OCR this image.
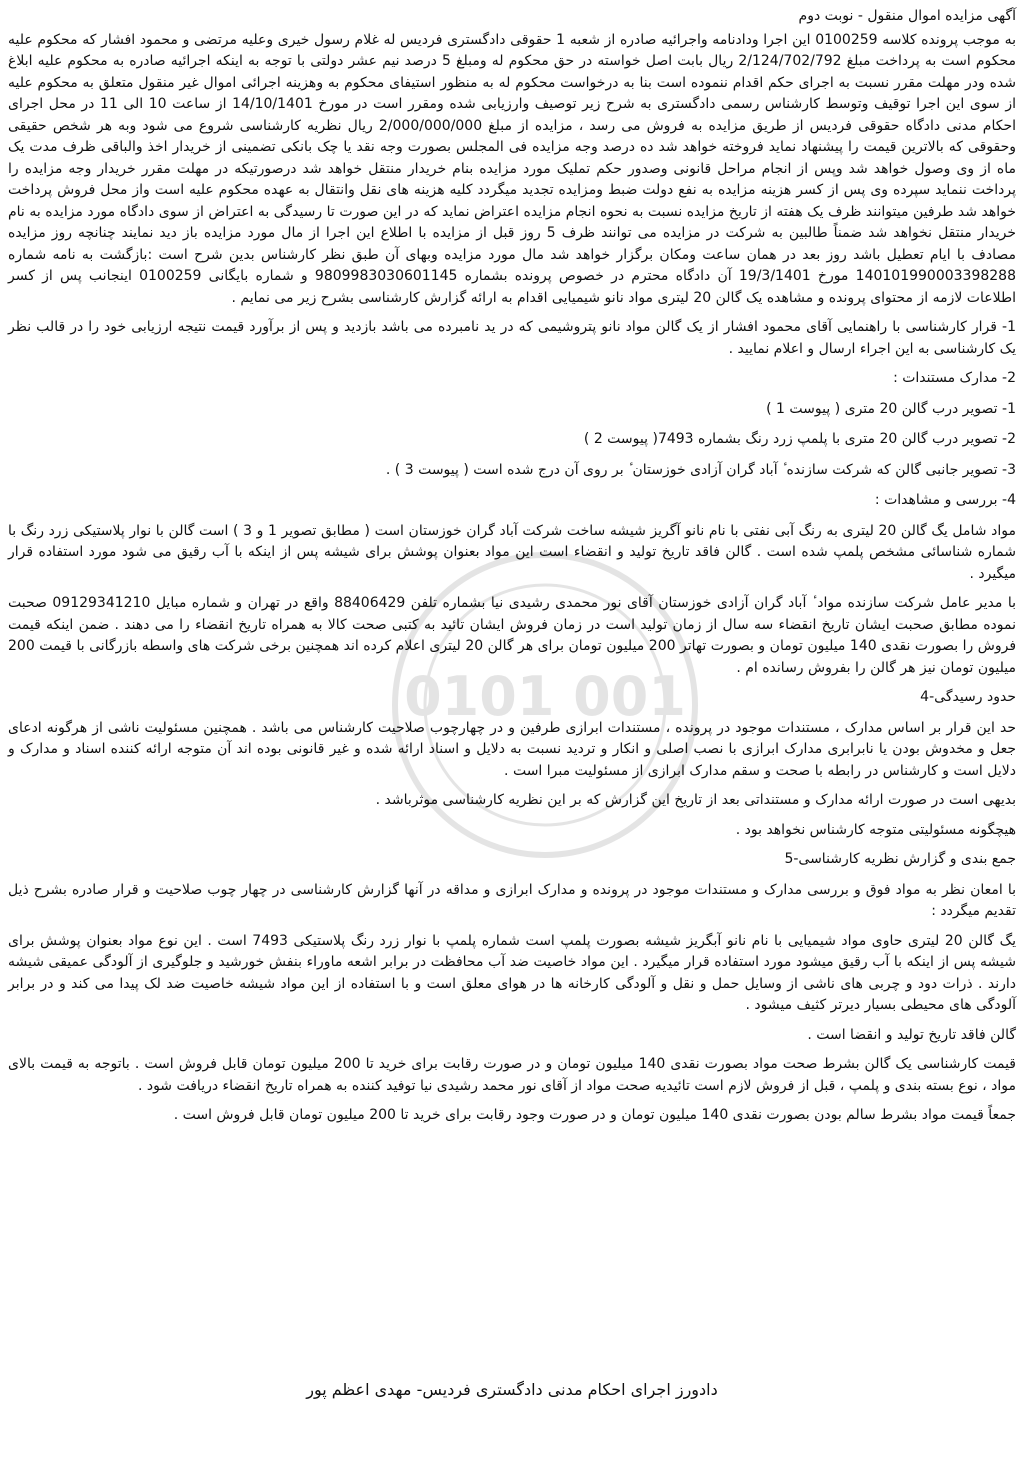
آگهی مزایده اموال منقول - نوبت دوم
به موجب پرونده کلاسه 0100259 این اجرا ودادنامه واجرائیه صادره از شعبه 1 حقوقی دادگستری فردیس له غلام رسول خیری وعلیه مرتضی و محمود افشار که محکوم علیه محکوم است به پرداخت مبلغ 2/124/702/792 ریال بابت اصل خواسته در حق محکوم له ومبلغ 5 درصد نیم عشر دولتی با توجه به اینکه اجرائیه صادره به محکوم علیه ابلاغ شده ودر مهلت مقرر نسبت به اجرای حکم اقدام ننموده است بنا به درخواست محکوم له به منظور استیفای محکوم به وهزینه اجرائی اموال غیر منقول متعلق به محکوم علیه از سوی این اجرا توقیف وتوسط کارشناس رسمی دادگستری به شرح زیر توصیف وارزیابی شده ومقرر است در مورخ 14/10/1401 از ساعت 10 الی 11 در محل اجرای احکام مدنی دادگاه حقوقی فردیس از طریق مزایده به فروش می رسد ، مزایده از مبلغ 2/000/000/000 ریال نظریه کارشناسی شروع می شود وبه هر شخص حقیقی وحقوقی که بالاترین قیمت را پیشنهاد نماید فروخته خواهد شد ده درصد وجه مزایده فی المجلس بصورت وجه نقد یا چک بانکی تضمینی از خریدار اخذ والباقی ظرف مدت یک ماه از وی وصول خواهد شد وپس از انجام مراحل قانونی وصدور حکم تملیک مورد مزایده بنام خریدار منتقل خواهد شد درصورتیکه در مهلت مقرر خریدار وجه مزایده را پرداخت ننماید سپرده وی پس از کسر هزینه مزایده به نفع دولت ضبط ومزایده تجدید میگردد کلیه هزینه های نقل وانتقال به عهده محکوم علیه است واز محل فروش پرداخت خواهد شد طرفین میتوانند ظرف یک هفته از تاریخ مزایده نسبت به نحوه انجام مزایده اعتراض نماید که در این صورت تا رسیدگی به اعتراض از سوی دادگاه مورد مزایده به نام خریدار منتقل نخواهد شد ضمناً طالبین به شرکت در مزایده می توانند ظرف 5 روز قبل از مزایده با اطلاع این اجرا از مال مورد مزایده باز دید نمایند چنانچه روز مزایده مصادف با ایام تعطیل باشد روز بعد در همان ساعت ومکان برگزار خواهد شد مال مورد مزایده وبهای آن طبق نظر کارشناس بدین شرح است :بازگشت به نامه شماره 140101990003398288 مورخ 19/3/1401 آن دادگاه محترم در خصوص پرونده بشماره 9809983030601145 و شماره بایگانی 0100259 اینجانب پس از کسر اطلاعات لازمه از محتوای پرونده و مشاهده یک گالن 20 لیتری مواد نانو شیمیایی اقدام به ارائه گزارش کارشناسی بشرح زیر می نمایم .
1- قرار کارشناسی با راهنمایی آقای محمود افشار از یک گالن مواد نانو پتروشیمی که در ید نامبرده می باشد بازدید و پس از برآورد قیمت نتیجه ارزیابی خود را در قالب نظر یک کارشناسی به این اجراء ارسال و اعلام نمایید .
2- مدارک مستندات :
1- تصویر درب گالن 20 متری ( پیوست 1 )
2- تصویر درب گالن 20 متری با پلمپ زرد رنگ بشماره 7493( پیوست 2 )
3- تصویر جانبی گالن که شرکت سازنده ٔ آباد گران آزادی خوزستان ٔ بر روی آن درج شده است ( پیوست 3 ) .
4- بررسی و مشاهدات :
مواد شامل یگ گالن 20 لیتری به رنگ آبی نفتی با نام نانو آگریز شیشه ساخت شرکت آباد گران خوزستان است ( مطابق تصویر 1 و 3 ) است گالن با نوار پلاستیکی زرد رنگ با شماره شناسائی مشخص پلمپ شده است . گالن فاقد تاریخ تولید و انقضاء است این مواد بعنوان پوشش برای شیشه پس از اینکه با آب رقیق می شود مورد استفاده قرار میگیرد .
با مدیر عامل شرکت سازنده مواد ٔ آباد گران آزادی خوزستان آقای نور محمدی رشیدی نیا بشماره تلفن 88406429 واقع در تهران و شماره مبایل 09129341210 صحبت نموده مطابق صحبت ایشان تاریخ انقضاء سه سال از زمان تولید است در زمان فروش ایشان تائید به کتبی صحت کالا به همراه تاریخ انقضاء را می دهند . ضمن اینکه قیمت فروش را بصورت نقدی 140 میلیون تومان و بصورت تهاتر 200 میلیون تومان برای هر گالن 20 لیتری اعلام کرده اند همچنین برخی شرکت های واسطه بازرگانی با قیمت 200 میلیون تومان نیز هر گالن را بفروش رسانده ام .
حدود رسیدگی-4
حد این قرار بر اساس مدارک ، مستندات موجود در پرونده ، مستندات ابرازی طرفین و در چهارچوب صلاحیت کارشناس می باشد . همچنین مسئولیت ناشی از هرگونه ادعای جعل و مخدوش بودن یا نابرابری مدارک ابرازی با نصب اصلی و انکار و تردید نسبت به دلایل و اسناد ارائه شده و غیر قانونی بوده اند آن متوجه ارائه کننده اسناد و مدارک و دلایل است و کارشناس در رابطه با صحت و سقم مدارک ابرازی از مسئولیت مبرا است .
بدیهی است در صورت ارائه مدارک و مستنداتی بعد از تاریخ این گزارش که بر این نظریه کارشناسی موثرباشد .
هیچگونه مسئولیتی متوجه کارشناس نخواهد بود .
جمع بندی و گزارش نظریه کارشناسی-5
با امعان نظر به مواد فوق و بررسی مدارک و مستندات موجود در پرونده و مدارک ابرازی و مداقه در آنها گزارش کارشناسی در چهار چوب صلاحیت و قرار صادره بشرح ذیل تقدیم میگردد :
یگ گالن 20 لیتری حاوی مواد شیمیایی با نام نانو آبگریز شیشه بصورت پلمپ است شماره پلمپ با نوار زرد رنگ پلاستیکی 7493 است . این نوع مواد بعنوان پوشش برای شیشه پس از اینکه با آب رقیق میشود مورد استفاده قرار میگیرد . این مواد خاصیت ضد آب محافظت در برابر اشعه ماوراء بنفش خورشید و جلوگیری از آلودگی عمیقی شیشه دارند . ذرات دود و چربی های ناشی از وسایل حمل و نقل و آلودگی کارخانه ها در هوای معلق است و با استفاده از این مواد شیشه خاصیت ضد لک پیدا می کند و در برابر آلودگی های محیطی بسیار دیرتر کثیف میشود .
گالن فاقد تاریخ تولید و انقضا است .
قیمت کارشناسی یک گالن بشرط صحت مواد بصورت نقدی 140 میلیون تومان و در صورت رقابت برای خرید تا 200 میلیون تومان قابل فروش است . باتوجه به قیمت بالای مواد ، نوع بسته بندی و پلمپ ، قبل از فروش لازم است تائیدیه صحت مواد از آقای نور محمد رشیدی نیا توفید کننده به همراه تاریخ انقضاء دریافت شود .
جمعاً قیمت مواد بشرط سالم بودن بصورت نقدی 140 میلیون تومان و در صورت وجود رقابت برای خرید تا 200 میلیون تومان قابل فروش است .
دادورز اجرای احکام مدنی دادگستری فردیس- مهدی اعظم پور
0101 001
